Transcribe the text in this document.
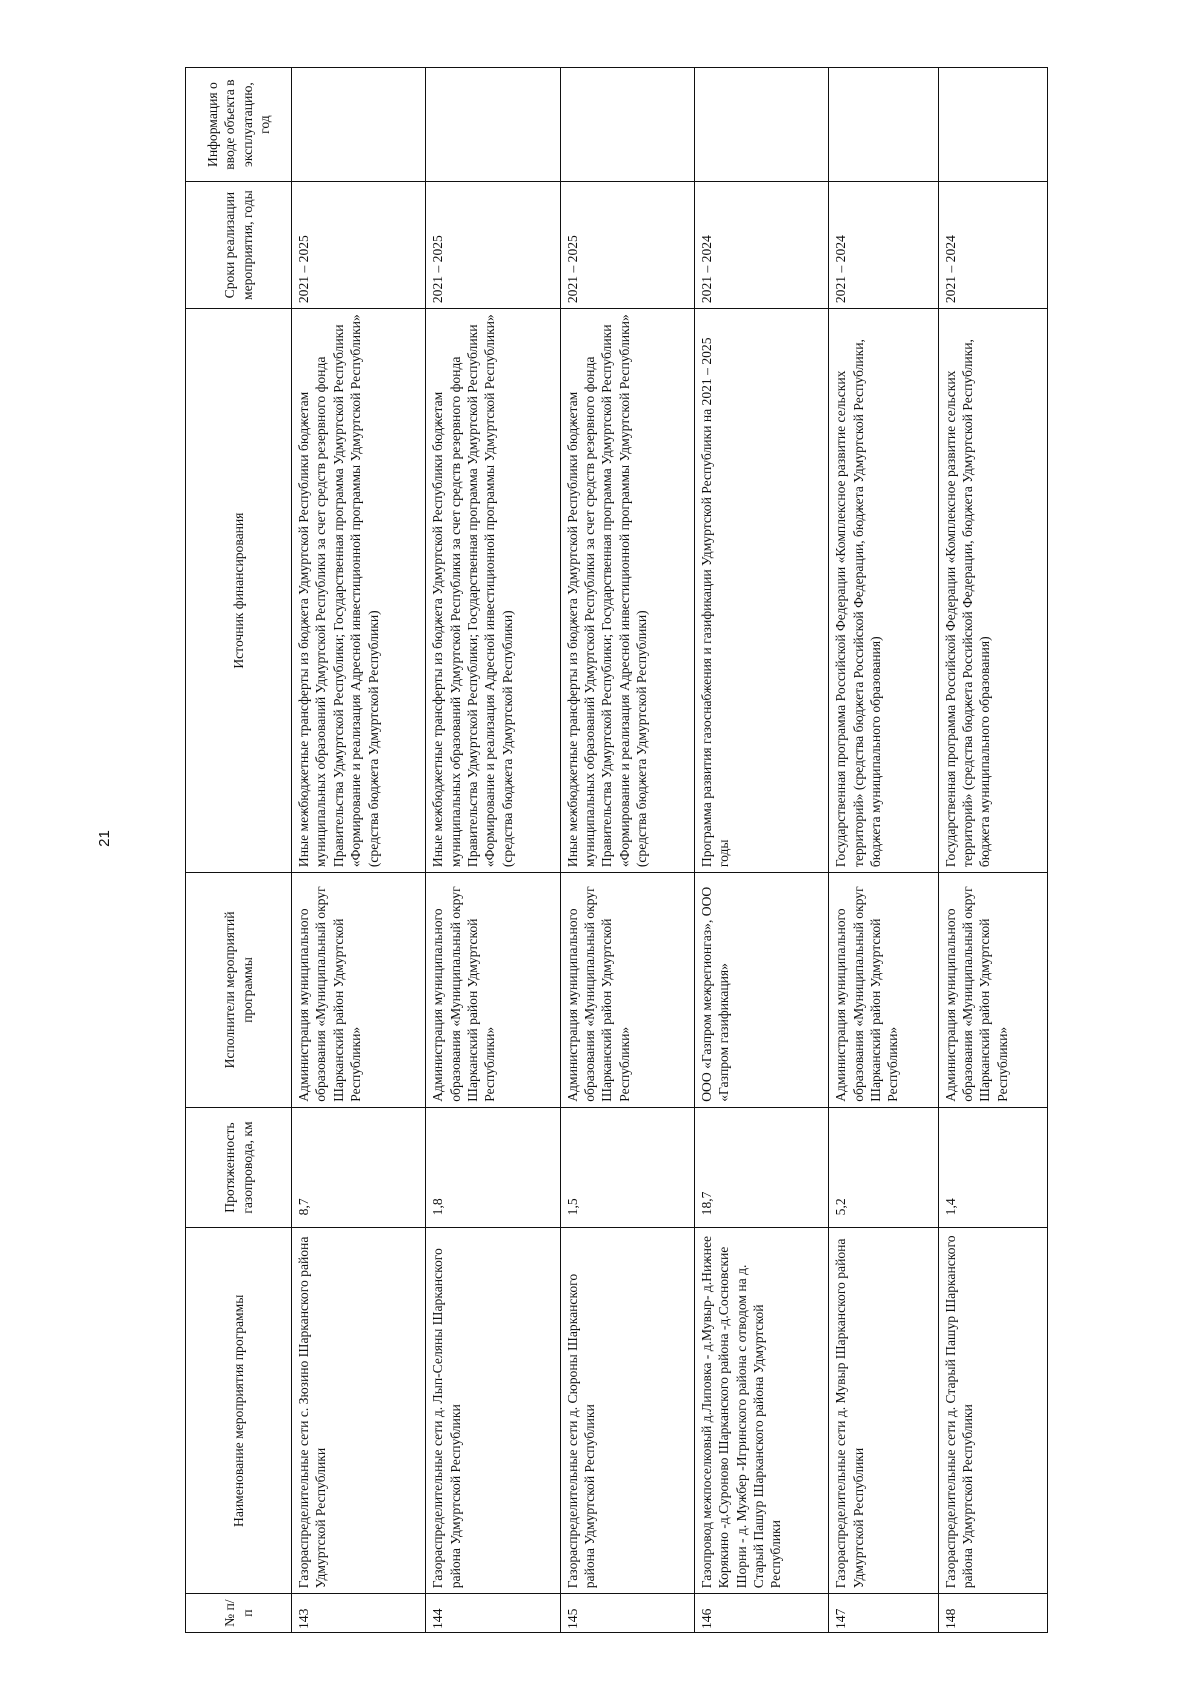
21
№ п/п	Наименование мероприятия программы	Протяженность газопровода, км	Исполнители мероприятий программы	Источник финансирования	Сроки реализации мероприятия, годы	Информация о вводе объекта в эксплуатацию, год
143	Газораспределительные сети с. Зюзино Шарканского района Удмуртской Республики	8,7	Администрация муниципального образования «Муниципальный округ Шарканский район Удмуртской Республики»	Иные межбюджетные трансферты из бюджета Удмуртской Республики бюджетам муниципальных образований Удмуртской Республики за счет средств резервного фонда Правительства Удмуртской Республики; Государственная программа Удмуртской Республики «Формирование и реализация Адресной инвестиционной программы Удмуртской Республики» (средства бюджета Удмуртской Республики)	2021 – 2025	
144	Газораспределительные сети д. Лып-Селяны Шарканского района Удмуртской Республики	1,8	Администрация муниципального образования «Муниципальный округ Шарканский район Удмуртской Республики»	Иные межбюджетные трансферты из бюджета Удмуртской Республики бюджетам муниципальных образований Удмуртской Республики за счет средств резервного фонда Правительства Удмуртской Республики; Государственная программа Удмуртской Республики «Формирование и реализация Адресной инвестиционной программы Удмуртской Республики» (средства бюджета Удмуртской Республики)	2021 – 2025	
145	Газораспределительные сети д. Сюроны Шарканского района Удмуртской Республики	1,5	Администрация муниципального образования «Муниципальный округ Шарканский район Удмуртской Республики»	Иные межбюджетные трансферты из бюджета Удмуртской Республики бюджетам муниципальных образований Удмуртской Республики за счет средств резервного фонда Правительства Удмуртской Республики; Государственная программа Удмуртской Республики «Формирование и реализация Адресной инвестиционной программы Удмуртской Республики» (средства бюджета Удмуртской Республики)	2021 – 2025	
146	Газопровод межпоселковый д.Липовка - д.Мувыр- д.Нижнее Корякино -д.Суроново Шарканского района -д.Сосновские Шорни - д. Мужбер -Игринского района с отводом на д. Старый Пашур Шарканского района Удмуртской Республики	18,7	ООО «Газпром межрегионгаз», ООО «Газпром газификация»	Программа развития газоснабжения и газификации Удмуртской Республики на 2021 – 2025 годы	2021 – 2024	
147	Газораспределительные сети д. Мувыр Шарканского района Удмуртской Республики	5,2	Администрация муниципального образования «Муниципальный округ Шарканский район Удмуртской Республики»	Государственная программа Российской Федерации «Комплексное развитие сельских территорий» (средства бюджета Российской Федерации, бюджета Удмуртской Республики, бюджета муниципального образования)	2021 – 2024	
148	Газораспределительные сети д. Старый Пашур Шарканского района Удмуртской Республики	1,4	Администрация муниципального образования «Муниципальный округ Шарканский район Удмуртской Республики»	Государственная программа Российской Федерации «Комплексное развитие сельских территорий» (средства бюджета Российской Федерации, бюджета Удмуртской Республики, бюджета муниципального образования)	2021 – 2024	
